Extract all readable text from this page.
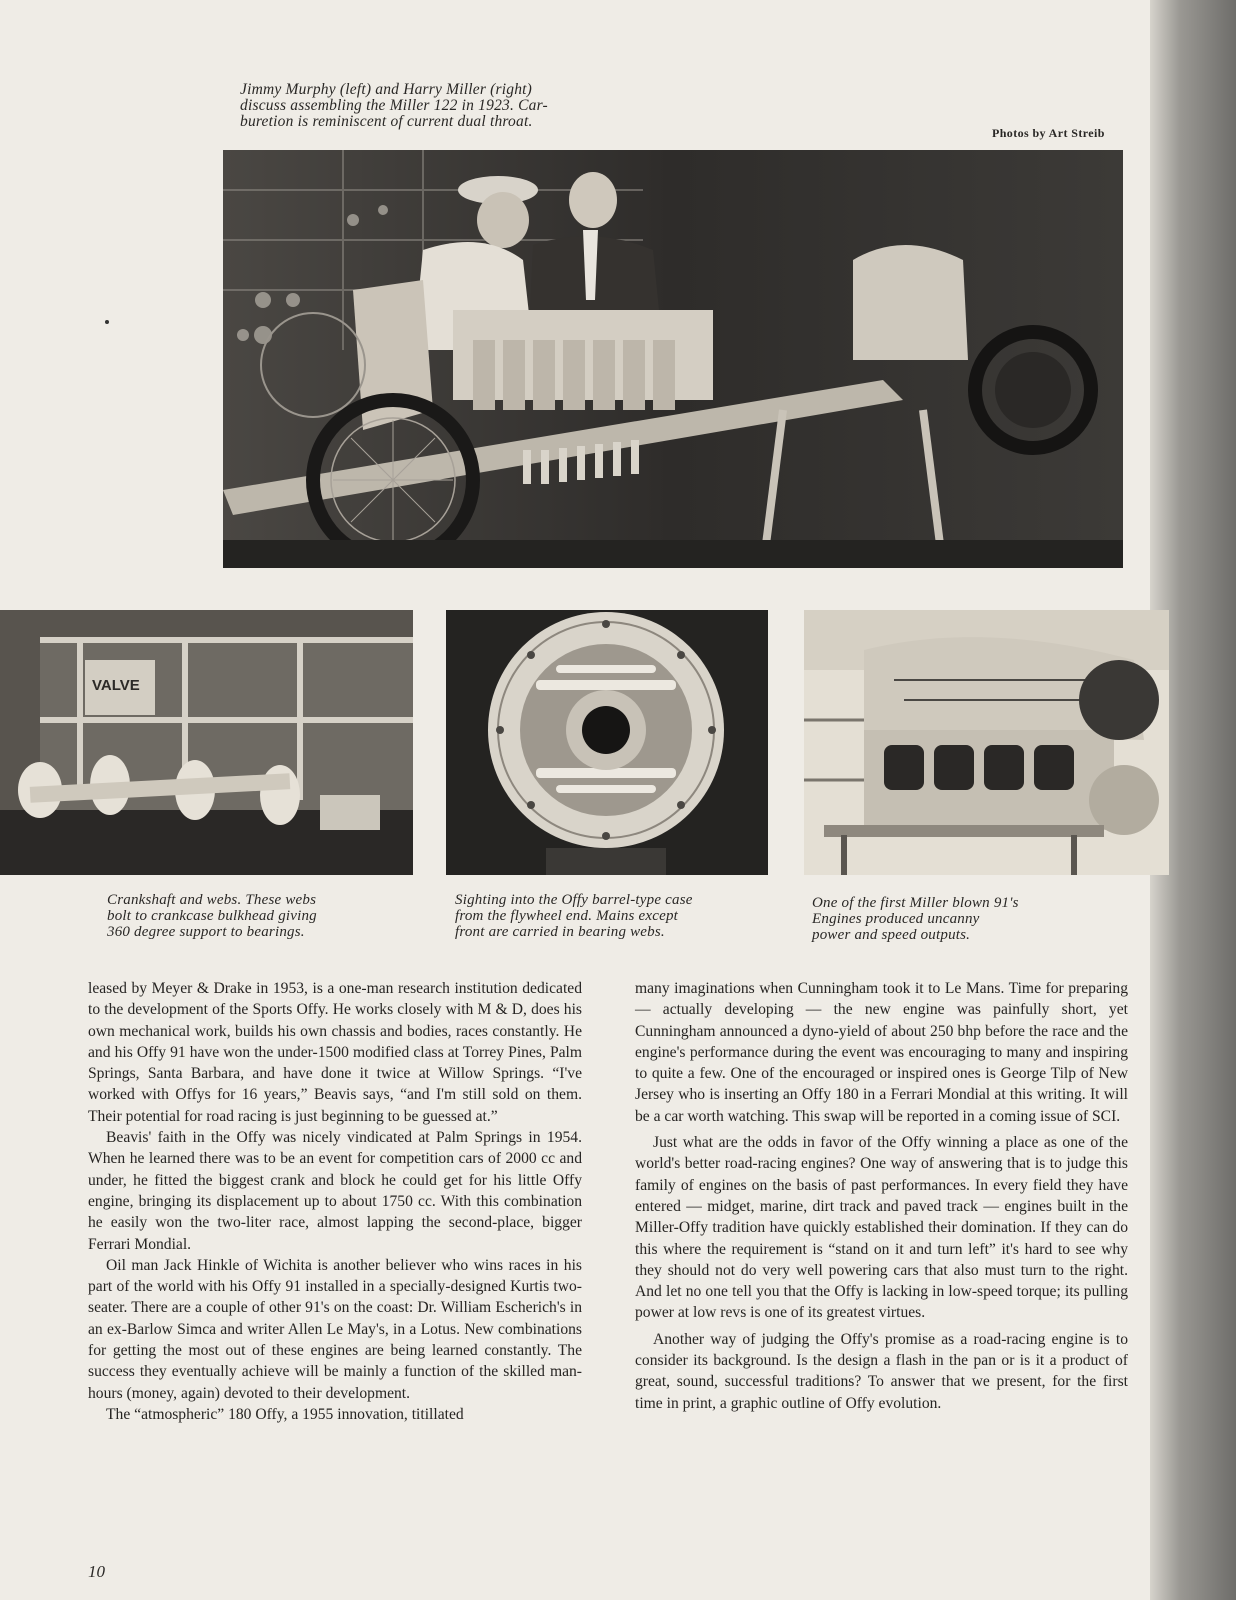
Jimmy Murphy (left) and Harry Miller (right)
discuss assembling the Miller 122 in 1923. Car-
buretion is reminiscent of current dual throat.
Photos by Art Streib
VALVE
Crankshaft and webs. These webs
bolt to crankcase bulkhead giving
360 degree support to bearings.
Sighting into the Offy barrel-type case
from the flywheel end. Mains except
front are carried in bearing webs.
One of the first Miller blown 91's
Engines produced uncanny
power and speed outputs.

leased by Meyer & Drake in 1953, is a one-man research institution dedicated to the development of the Sports Offy. He works closely with M & D, does his own mechanical work, builds his own chassis and bodies, races constantly. He and his Offy 91 have won the under-1500 modified class at Torrey Pines, Palm Springs, Santa Barbara, and have done it twice at Willow Springs. “I've worked with Offys for 16 years,” Beavis says, “and I'm still sold on them. Their potential for road racing is just beginning to be guessed at.”

Beavis' faith in the Offy was nicely vindicated at Palm Springs in 1954. When he learned there was to be an event for competition cars of 2000 cc and under, he fitted the biggest crank and block he could get for his little Offy engine, bringing its displacement up to about 1750 cc. With this combination he easily won the two-liter race, almost lapping the second-place, bigger Ferrari Mondial.

Oil man Jack Hinkle of Wichita is another believer who wins races in his part of the world with his Offy 91 installed in a specially-designed Kurtis two-seater. There are a couple of other 91's on the coast: Dr. William Escherich's in an ex-Barlow Simca and writer Allen Le May's, in a Lotus. New combinations for getting the most out of these engines are being learned constantly. The success they eventually achieve will be mainly a function of the skilled man-hours (money, again) devoted to their development.

The “atmospheric” 180 Offy, a 1955 innovation, titillated

many imaginations when Cunningham took it to Le Mans. Time for preparing — actually developing — the new engine was painfully short, yet Cunningham announced a dyno-yield of about 250 bhp before the race and the engine's performance during the event was encouraging to many and inspiring to quite a few. One of the encouraged or inspired ones is George Tilp of New Jersey who is inserting an Offy 180 in a Ferrari Mondial at this writing. It will be a car worth watching. This swap will be reported in a coming issue of SCI.

Just what are the odds in favor of the Offy winning a place as one of the world's better road-racing engines? One way of answering that is to judge this family of engines on the basis of past performances. In every field they have entered — midget, marine, dirt track and paved track — engines built in the Miller-Offy tradition have quickly established their domination. If they can do this where the requirement is “stand on it and turn left” it's hard to see why they should not do very well powering cars that also must turn to the right. And let no one tell you that the Offy is lacking in low-speed torque; its pulling power at low revs is one of its greatest virtues.

Another way of judging the Offy's promise as a road-racing engine is to consider its background. Is the design a flash in the pan or is it a product of great, sound, successful traditions? To answer that we present, for the first time in print, a graphic outline of Offy evolution.

10
